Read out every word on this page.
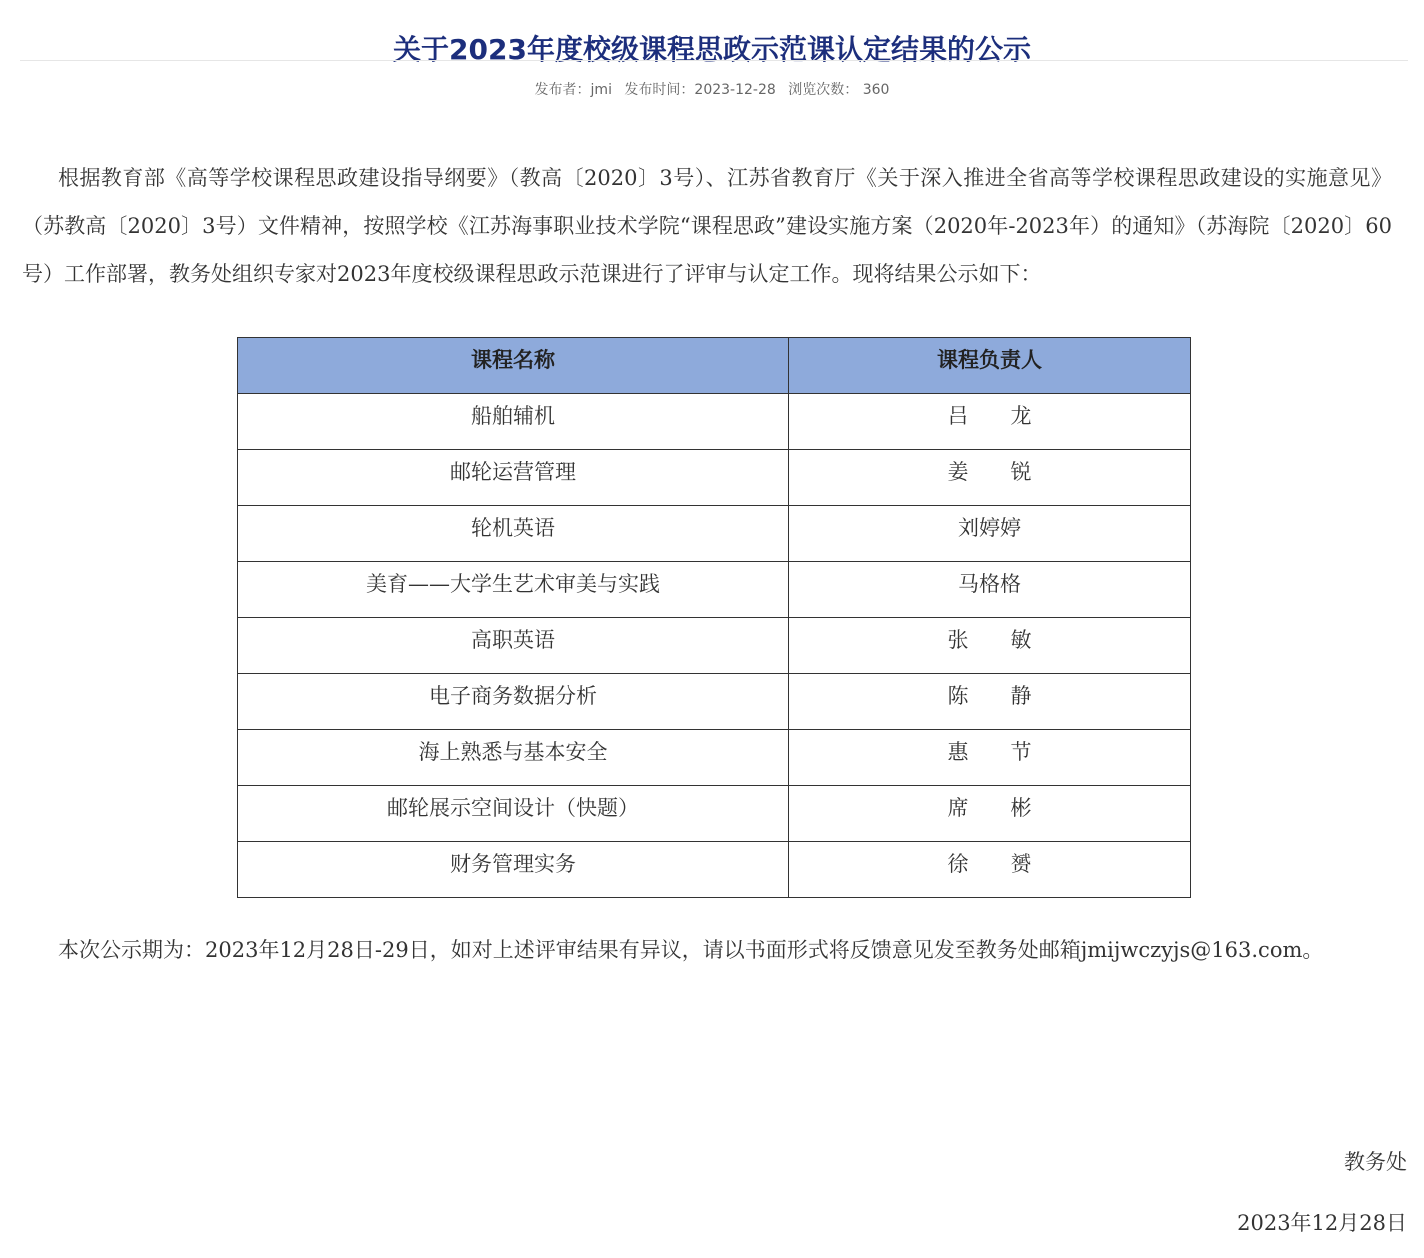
关于2023年度校级课程思政示范课认定结果的公示
发布者：jmi 发布时间：2023-12-28 浏览次数： 360

根据教育部《高等学校课程思政建设指导纲要》（教高〔2020〕3号）、江苏省教育厅《关于深入推进全省高等学校课程思政建设的实施意见》（苏教高〔2020〕3号）文件精神，按照学校《江苏海事职业技术学院“课程思政”建设实施方案（2020年-2023年）的通知》（苏海院〔2020〕60号）工作部署，教务处组织专家对2023年度校级课程思政示范课进行了评审与认定工作。现将结果公示如下：

课程名称	课程负责人
船舶辅机	吕　　龙
邮轮运营管理	姜　　锐
轮机英语	刘婷婷
美育——大学生艺术审美与实践	马格格
高职英语	张　　敏
电子商务数据分析	陈　　静
海上熟悉与基本安全	惠　　节
邮轮展示空间设计（快题）	席　　彬
财务管理实务	徐　　赟

本次公示期为：2023年12月28日-29日，如对上述评审结果有异议，请以书面形式将反馈意见发至教务处邮箱jmijwczyjs@163.com。

教务处
2023年12月28日
